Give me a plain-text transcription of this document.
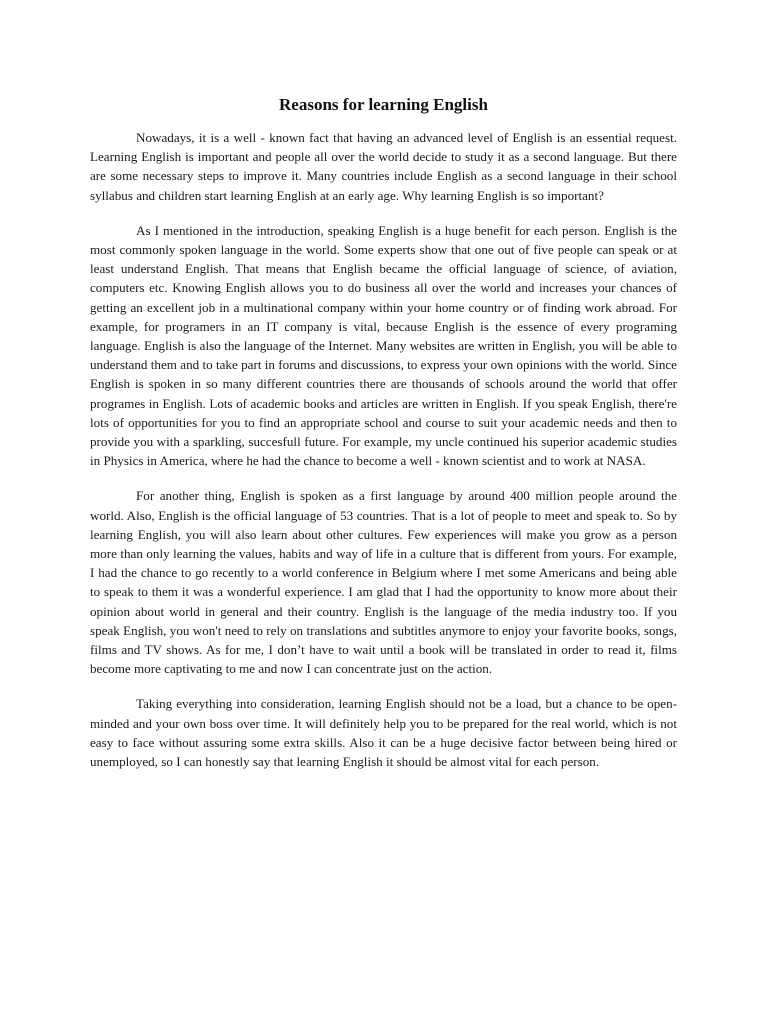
Reasons for learning English

Nowadays, it is a well - known fact that having an advanced level of English is an essential request. Learning English is important and people all over the world decide to study it as a second language. But there are some necessary steps to improve it. Many countries include English as a second language in their school syllabus and children start learning English at an early age. Why learning English is so important?

As I mentioned in the introduction, speaking English is a huge benefit for each person. English is the most commonly spoken language in the world. Some experts show that one out of five people can speak or at least understand English. That means that English became the official language of science, of aviation, computers etc. Knowing English allows you to do business all over the world and increases your chances of getting an excellent job in a multinational company within your home country or of finding work abroad. For example, for programers in an IT company is vital, because English is the essence of every programing language. English is also the language of the Internet. Many websites are written in English, you will be able to understand them and to take part in forums and discussions, to express your own opinions with the world. Since English is spoken in so many different countries there are thousands of schools around the world that offer programes in English. Lots of academic books and articles are written in English. If you speak English, there're lots of opportunities for you to find an appropriate school and course to suit your academic needs and then to provide you with a sparkling, succesfull future. For example, my uncle continued his superior academic studies in Physics in America, where he had the chance to become a well - known scientist and to work at NASA.

For another thing, English is spoken as a first language by around 400 million people around the world. Also, English is the official language of 53 countries. That is a lot of people to meet and speak to. So by learning English, you will also learn about other cultures. Few experiences will make you grow as a person more than only learning the values, habits and way of life in a culture that is different from yours. For example, I had the chance to go recently to a world conference in Belgium where I met some Americans and being able to speak to them it was a wonderful experience. I am glad that I had the opportunity to know more about their opinion about world in general and their country. English is the language of the media industry too. If you speak English, you won't need to rely on translations and subtitles anymore to enjoy your favorite books, songs, films and TV shows. As for me, I don’t have to wait until a book will be translated in order to read it, films become more captivating to me and now I can concentrate just on the action.

Taking everything into consideration, learning English should not be a load, but a chance to be open-minded and your own boss over time. It will definitely help you to be prepared for the real world, which is not easy to face without assuring some extra skills. Also it can be a huge decisive factor between being hired or unemployed, so I can honestly say that learning English it should be almost vital for each person.
